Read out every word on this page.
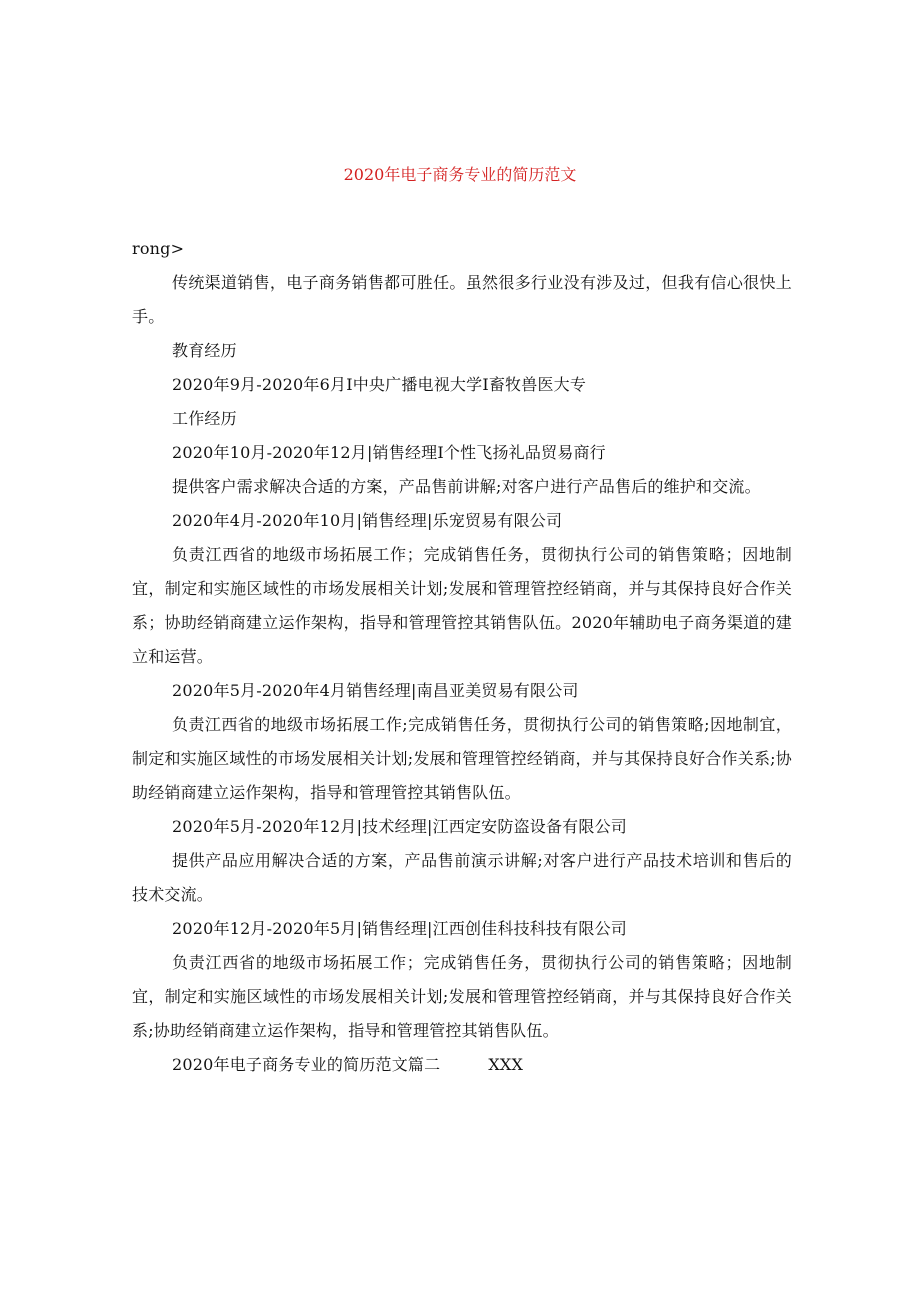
2020年电子商务专业的简历范文

rong>

传统渠道销售，电子商务销售都可胜任。虽然很多行业没有涉及过，但我有信心很快上手。

教育经历

2020年9月-2020年6月I中央广播电视大学I畜牧兽医大专

工作经历

2020年10月-2020年12月|销售经理I个性飞扬礼品贸易商行

提供客户需求解决合适的方案，产品售前讲解;对客户进行产品售后的维护和交流。

2020年4月-2020年10月|销售经理|乐宠贸易有限公司

负责江西省的地级市场拓展工作；完成销售任务，贯彻执行公司的销售策略；因地制宜，制定和实施区域性的市场发展相关计划;发展和管理管控经销商，并与其保持良好合作关系；协助经销商建立运作架构，指导和管理管控其销售队伍。2020年辅助电子商务渠道的建立和运营。

2020年5月-2020年4月销售经理|南昌亚美贸易有限公司

负责江西省的地级市场拓展工作;完成销售任务，贯彻执行公司的销售策略;因地制宜，制定和实施区域性的市场发展相关计划;发展和管理管控经销商，并与其保持良好合作关系;协助经销商建立运作架构，指导和管理管控其销售队伍。

2020年5月-2020年12月|技术经理|江西定安防盗设备有限公司

提供产品应用解决合适的方案，产品售前演示讲解;对客户进行产品技术培训和售后的技术交流。

2020年12月-2020年5月|销售经理|江西创佳科技科技有限公司

负责江西省的地级市场拓展工作；完成销售任务，贯彻执行公司的销售策略；因地制宜，制定和实施区域性的市场发展相关计划;发展和管理管控经销商，并与其保持良好合作关系;协助经销商建立运作架构，指导和管理管控其销售队伍。

2020年电子商务专业的简历范文篇二	XXX
